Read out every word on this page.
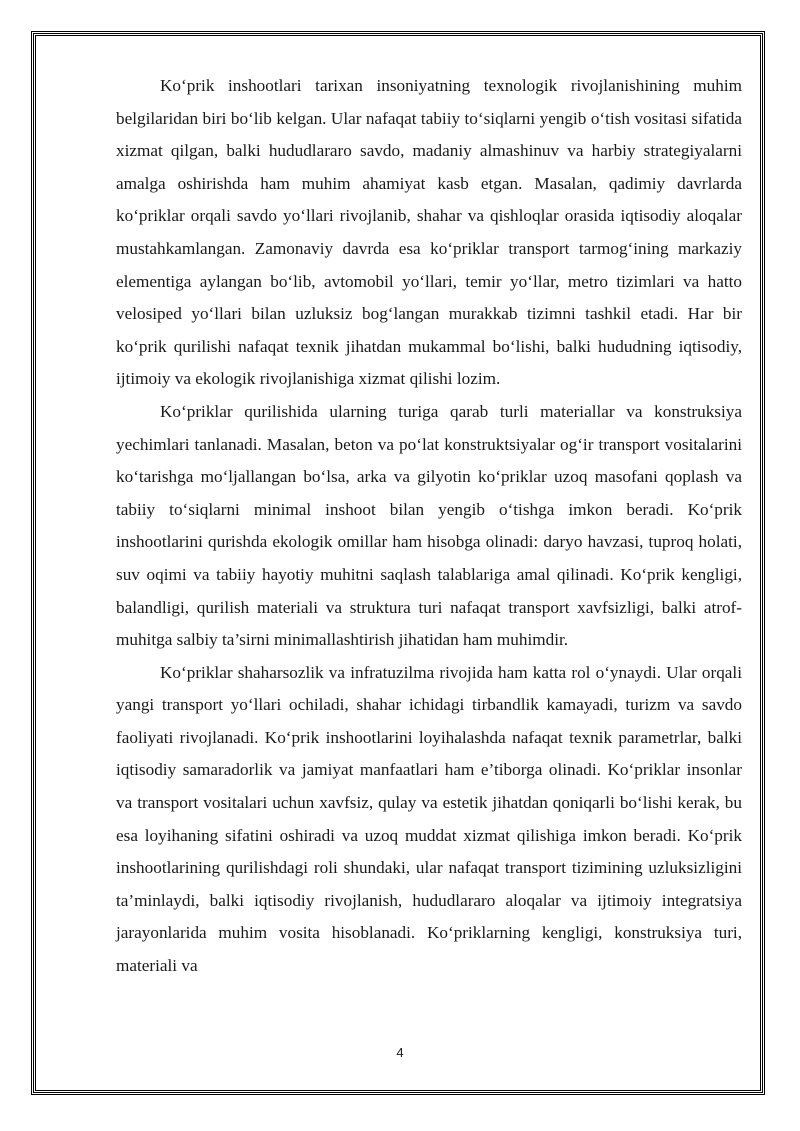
Ko‘prik inshootlari tarixan insoniyatning texnologik rivojlanishining muhim belgilaridan biri bo‘lib kelgan. Ular nafaqat tabiiy to‘siqlarni yengib o‘tish vositasi sifatida xizmat qilgan, balki hududlararo savdo, madaniy almashinuv va harbiy strategiyalarni amalga oshirishda ham muhim ahamiyat kasb etgan. Masalan, qadimiy davrlarda ko‘priklar orqali savdo yo‘llari rivojlanib, shahar va qishloqlar orasida iqtisodiy aloqalar mustahkamlangan. Zamonaviy davrda esa ko‘priklar transport tarmog‘ining markaziy elementiga aylangan bo‘lib, avtomobil yo‘llari, temir yo‘llar, metro tizimlari va hatto velosiped yo‘llari bilan uzluksiz bog‘langan murakkab tizimni tashkil etadi. Har bir ko‘prik qurilishi nafaqat texnik jihatdan mukammal bo‘lishi, balki hududning iqtisodiy, ijtimoiy va ekologik rivojlanishiga xizmat qilishi lozim.

Ko‘priklar qurilishida ularning turiga qarab turli materiallar va konstruksiya yechimlari tanlanadi. Masalan, beton va po‘lat konstruktsiyalar og‘ir transport vositalarini ko‘tarishga mo‘ljallangan bo‘lsa, arka va gilyotin ko‘priklar uzoq masofani qoplash va tabiiy to‘siqlarni minimal inshoot bilan yengib o‘tishga imkon beradi. Ko‘prik inshootlarini qurishda ekologik omillar ham hisobga olinadi: daryo havzasi, tuproq holati, suv oqimi va tabiiy hayotiy muhitni saqlash talablariga amal qilinadi. Ko‘prik kengligi, balandligi, qurilish materiali va struktura turi nafaqat transport xavfsizligi, balki atrof-muhitga salbiy ta’sirni minimallashtirish jihatidan ham muhimdir.

Ko‘priklar shaharsozlik va infratuzilma rivojida ham katta rol o‘ynaydi. Ular orqali yangi transport yo‘llari ochiladi, shahar ichidagi tirbandlik kamayadi, turizm va savdo faoliyati rivojlanadi. Ko‘prik inshootlarini loyihalashda nafaqat texnik parametrlar, balki iqtisodiy samaradorlik va jamiyat manfaatlari ham e’tiborga olinadi. Ko‘priklar insonlar va transport vositalari uchun xavfsiz, qulay va estetik jihatdan qoniqarli bo‘lishi kerak, bu esa loyihaning sifatini oshiradi va uzoq muddat xizmat qilishiga imkon beradi. Ko‘prik inshootlarining qurilishdagi roli shundaki, ular nafaqat transport tizimining uzluksizligini ta’minlaydi, balki iqtisodiy rivojlanish, hududlararo aloqalar va ijtimoiy integratsiya jarayonlarida muhim vosita hisoblanadi. Ko‘priklarning kengligi, konstruksiya turi, materiali va

4
